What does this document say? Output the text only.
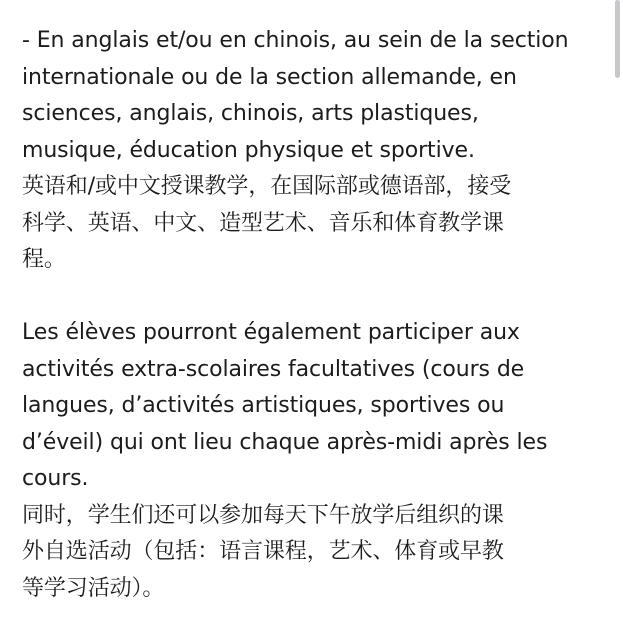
- En anglais et/ou en chinois, au sein de la section
internationale ou de la section allemande, en
sciences, anglais, chinois, arts plastiques,
musique, éducation physique et sportive.
英语和/或中文授课教学，在国际部或德语部，接受
科学、英语、中文、造型艺术、音乐和体育教学课
程。
Les élèves pourront également participer aux
activités extra-scolaires facultatives (cours de
langues, d’activités artistiques, sportives ou
d’éveil) qui ont lieu chaque après-midi après les
cours.
同时，学生们还可以参加每天下午放学后组织的课
外自选活动（包括：语言课程，艺术、体育或早教
等学习活动）。
